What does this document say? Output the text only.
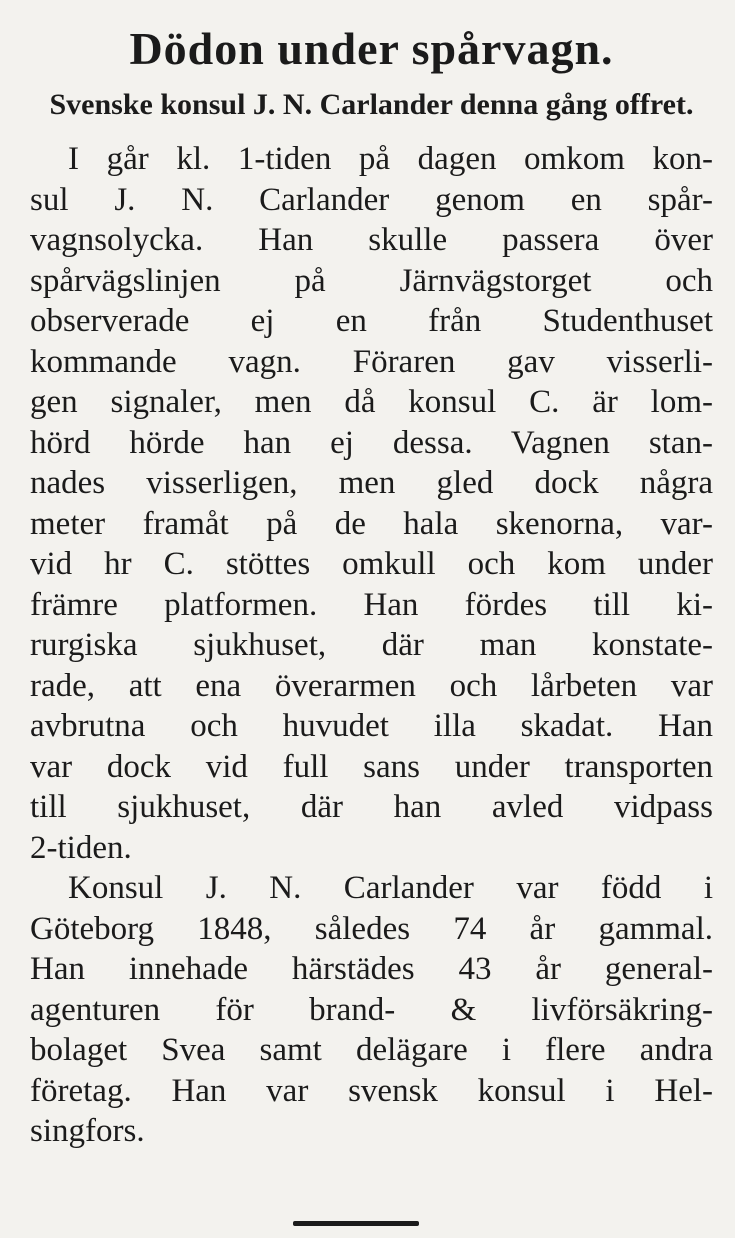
Dödon under spårvagn.
Svenske konsul J. N. Carlander denna gång offret.
I går kl. 1-tiden på dagen omkom kon-
sul J. N. Carlander genom en spår-
vagnsolycka. Han skulle passera över
spårvägslinjen på Järnvägstorget och
observerade ej en från Studenthuset
kommande vagn. Föraren gav visserli-
gen signaler, men då konsul C. är lom-
hörd hörde han ej dessa. Vagnen stan-
nades visserligen, men gled dock några
meter framåt på de hala skenorna, var-
vid hr C. stöttes omkull och kom under
främre platformen. Han fördes till ki-
rurgiska sjukhuset, där man konstate-
rade, att ena överarmen och lårbeten var
avbrutna och huvudet illa skadat. Han
var dock vid full sans under transporten
till sjukhuset, där han avled vidpass
2-tiden.
Konsul J. N. Carlander var född i
Göteborg 1848, således 74 år gammal.
Han innehade härstädes 43 år general-
agenturen för brand- & livförsäkring-
bolaget Svea samt delägare i flere andra
företag. Han var svensk konsul i Hel-
singfors.
